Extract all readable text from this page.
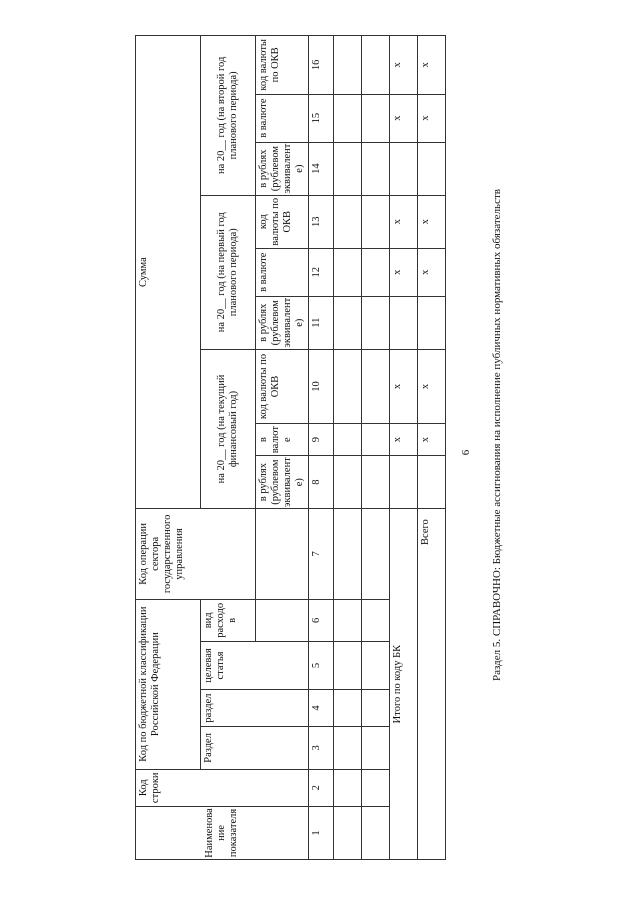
6 Раздел 5. СПРАВОЧНО: Бюджетные ассигнования на исполнение публичных нормативных обязательств
Наименование показателя	Код строки	Код по бюджетной классификации Российской Федерации				Код операции сектора государственного управления	Сумма								
		Раздел	раздел	целевая статья	вид расходов		на 20__ год (на текущий финансовый год)			на 20__ год (на первый год планового периода)			на 20__ год (на второй год планового периода)		
							в рублях (рублевом эквиваленте)	в валюте	код валюты по ОКВ	в рублях (рублевом эквиваленте)	в валюте	код валюты по ОКВ	в рублях (рублевом эквиваленте)	в валюте	код валюты по ОКВ
1	2	3	4	5	6	7	8	9	10	11	12	13	14	15	16

Итого по коду БК								x	x		x	x		x	x
Всего								x	x		x	x		x	x
